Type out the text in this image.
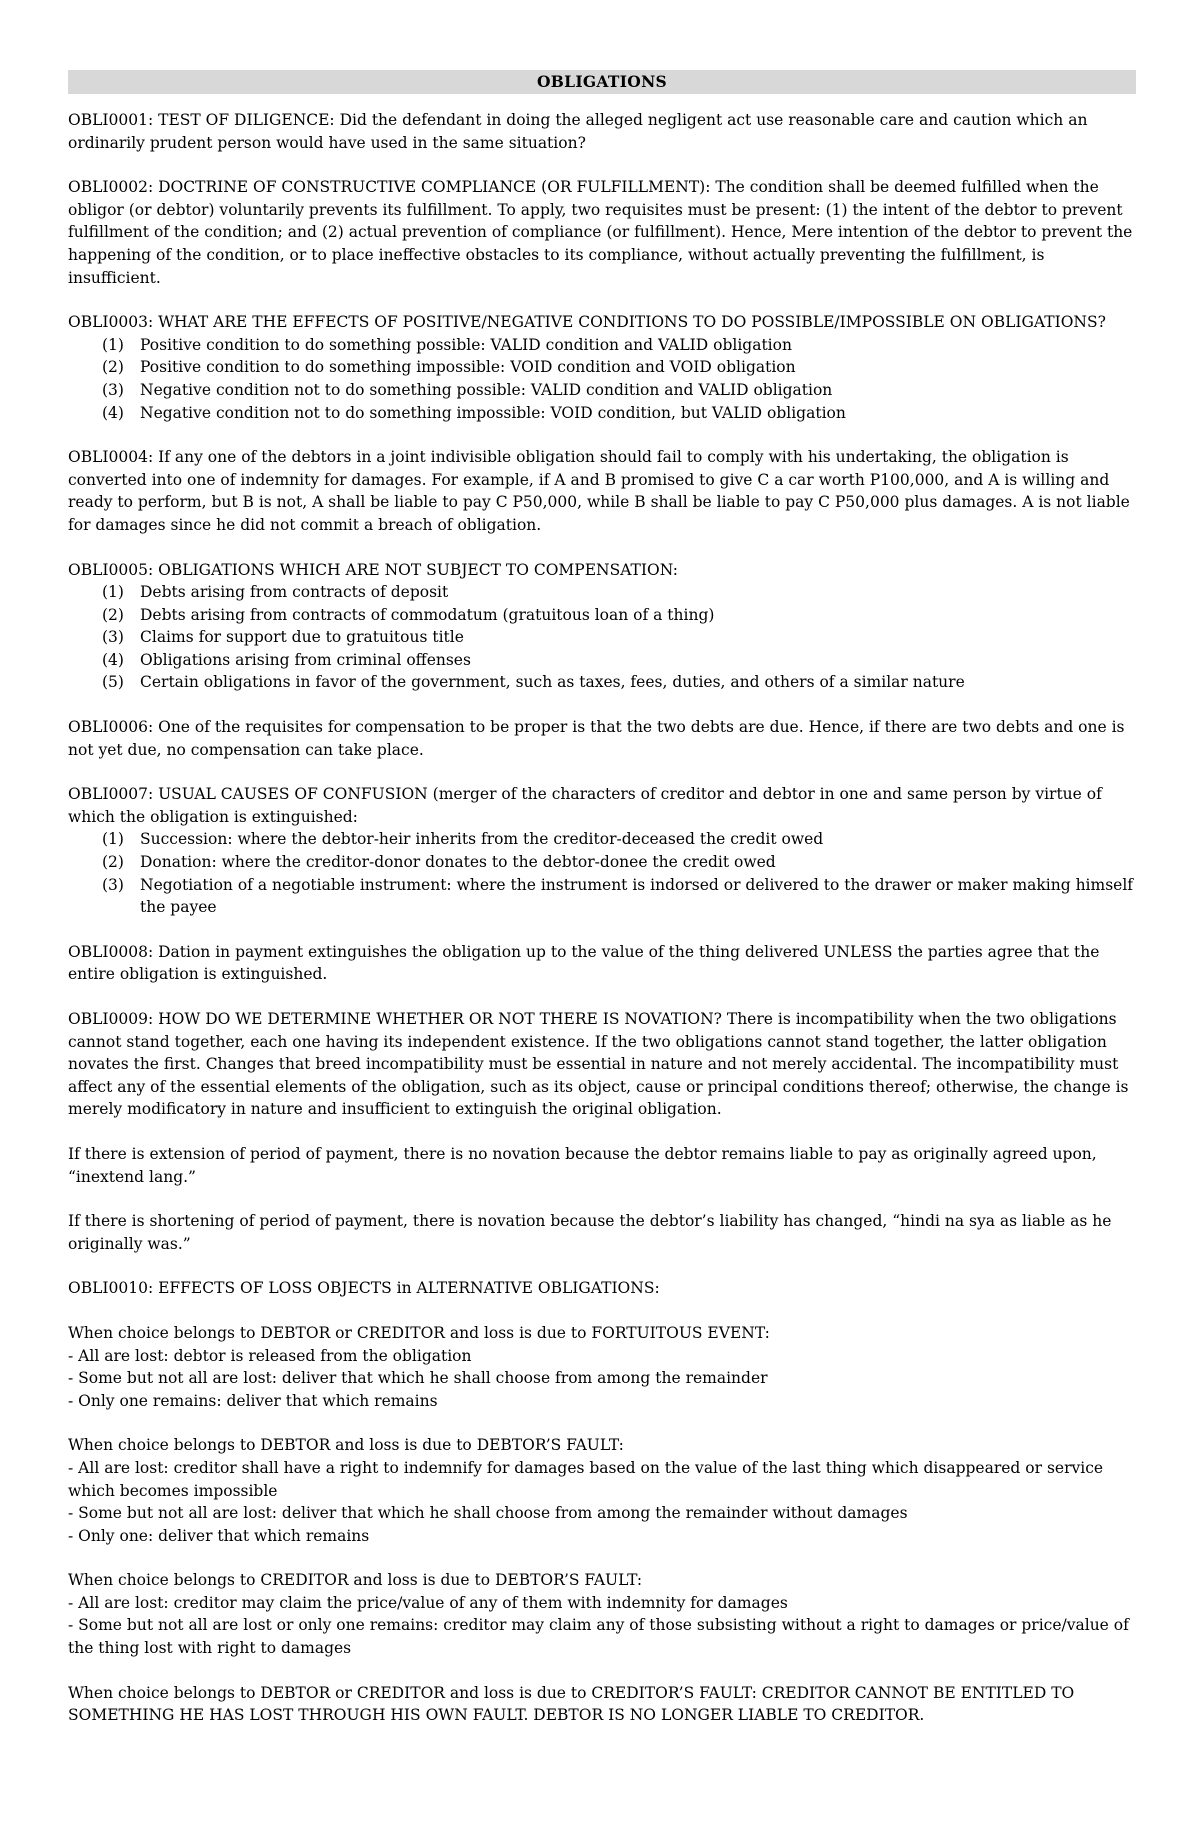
OBLIGATIONS

OBLI0001: TEST OF DILIGENCE: Did the defendant in doing the alleged negligent act use reasonable care and caution which an ordinarily prudent person would have used in the same situation?

OBLI0002: DOCTRINE OF CONSTRUCTIVE COMPLIANCE (OR FULFILLMENT): The condition shall be deemed fulfilled when the obligor (or debtor) voluntarily prevents its fulfillment. To apply, two requisites must be present: (1) the intent of the debtor to prevent fulfillment of the condition; and (2) actual prevention of compliance (or fulfillment). Hence, Mere intention of the debtor to prevent the happening of the condition, or to place ineffective obstacles to its compliance, without actually preventing the fulfillment, is insufficient.

OBLI0003: WHAT ARE THE EFFECTS OF POSITIVE/NEGATIVE CONDITIONS TO DO POSSIBLE/IMPOSSIBLE ON OBLIGATIONS?

(1) Positive condition to do something possible: VALID condition and VALID obligation
(2) Positive condition to do something impossible: VOID condition and VOID obligation
(3) Negative condition not to do something possible: VALID condition and VALID obligation
(4) Negative condition not to do something impossible: VOID condition, but VALID obligation

OBLI0004: If any one of the debtors in a joint indivisible obligation should fail to comply with his undertaking, the obligation is converted into one of indemnity for damages. For example, if A and B promised to give C a car worth P100,000, and A is willing and ready to perform, but B is not, A shall be liable to pay C P50,000, while B shall be liable to pay C P50,000 plus damages. A is not liable for damages since he did not commit a breach of obligation.

OBLI0005: OBLIGATIONS WHICH ARE NOT SUBJECT TO COMPENSATION:

(1) Debts arising from contracts of deposit
(2) Debts arising from contracts of commodatum (gratuitous loan of a thing)
(3) Claims for support due to gratuitous title
(4) Obligations arising from criminal offenses
(5) Certain obligations in favor of the government, such as taxes, fees, duties, and others of a similar nature

OBLI0006: One of the requisites for compensation to be proper is that the two debts are due. Hence, if there are two debts and one is not yet due, no compensation can take place.

OBLI0007: USUAL CAUSES OF CONFUSION (merger of the characters of creditor and debtor in one and same person by virtue of which the obligation is extinguished:

(1) Succession: where the debtor-heir inherits from the creditor-deceased the credit owed
(2) Donation: where the creditor-donor donates to the debtor-donee the credit owed
(3) Negotiation of a negotiable instrument: where the instrument is indorsed or delivered to the drawer or maker making himself the payee

OBLI0008: Dation in payment extinguishes the obligation up to the value of the thing delivered UNLESS the parties agree that the entire obligation is extinguished.

OBLI0009: HOW DO WE DETERMINE WHETHER OR NOT THERE IS NOVATION? There is incompatibility when the two obligations cannot stand together, each one having its independent existence. If the two obligations cannot stand together, the latter obligation novates the first. Changes that breed incompatibility must be essential in nature and not merely accidental. The incompatibility must affect any of the essential elements of the obligation, such as its object, cause or principal conditions thereof; otherwise, the change is merely modificatory in nature and insufficient to extinguish the original obligation.

If there is extension of period of payment, there is no novation because the debtor remains liable to pay as originally agreed upon, “inextend lang.”

If there is shortening of period of payment, there is novation because the debtor’s liability has changed, “hindi na sya as liable as he originally was.”

OBLI0010: EFFECTS OF LOSS OBJECTS in ALTERNATIVE OBLIGATIONS:

When choice belongs to DEBTOR or CREDITOR and loss is due to FORTUITOUS EVENT:
- All are lost: debtor is released from the obligation
- Some but not all are lost: deliver that which he shall choose from among the remainder
- Only one remains: deliver that which remains
When choice belongs to DEBTOR and loss is due to DEBTOR’S FAULT:
- All are lost: creditor shall have a right to indemnify for damages based on the value of the last thing which disappeared or service which becomes impossible
- Some but not all are lost: deliver that which he shall choose from among the remainder without damages
- Only one: deliver that which remains
When choice belongs to CREDITOR and loss is due to DEBTOR’S FAULT:
- All are lost: creditor may claim the price/value of any of them with indemnity for damages
- Some but not all are lost or only one remains: creditor may claim any of those subsisting without a right to damages or price/value of the thing lost with right to damages

When choice belongs to DEBTOR or CREDITOR and loss is due to CREDITOR’S FAULT: CREDITOR CANNOT BE ENTITLED TO SOMETHING HE HAS LOST THROUGH HIS OWN FAULT. DEBTOR IS NO LONGER LIABLE TO CREDITOR.
